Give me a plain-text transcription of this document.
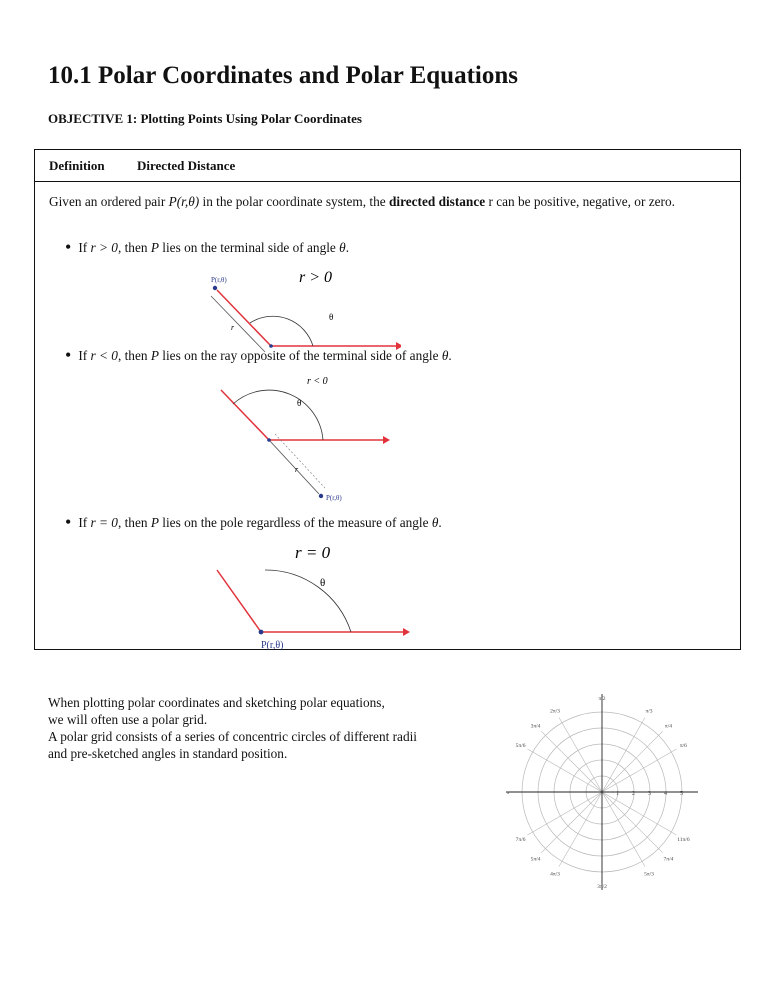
10.1 Polar Coordinates and Polar Equations
OBJECTIVE 1: Plotting Points Using Polar Coordinates
Definition Directed Distance
Given an ordered pair P(r,θ) in the polar coordinate system, the directed distance r can be positive, negative, or zero.
• If r > 0, then P lies on the terminal side of angle θ.
P(r,θ)	r > 0
θ
r
• If r < 0, then P lies on the ray opposite of the terminal side of angle θ.
r < 0
θ
r
P(r,θ)
• If r = 0, then P lies on the pole regardless of the measure of angle θ.
r = 0
θ
P(r,θ)

When plotting polar coordinates and sketching polar equations,

we will often use a polar grid.

A polar grid consists of a series of concentric circles of different radii

and pre-sketched angles in standard position.

1 2 3 4 5
π/2
π/3
π/4
π/6
2π/3
3π/4
5π/6
π
7π/6
5π/4
4π/3
3π/2
5π/3
7π/4
11π/6
